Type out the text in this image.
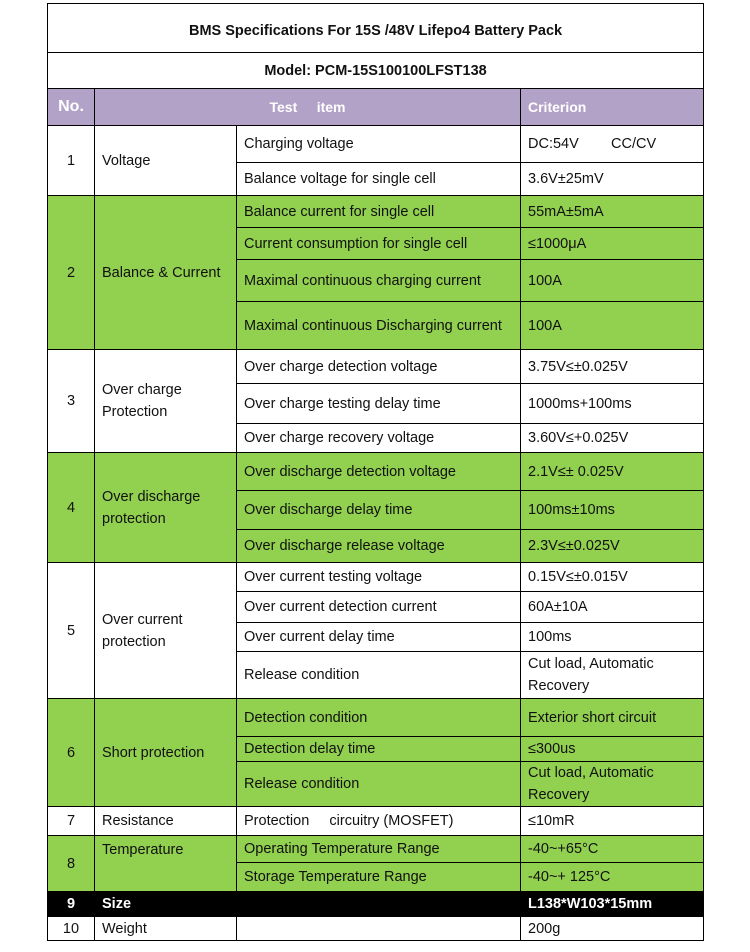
BMS Specifications For 15S /48V Lifepo4 Battery Pack			
Model: PCM-15S100100LFST138			
No.	Test     item		Criterion
1	Voltage	Charging voltage	DC:54V        CC/CV
		Balance voltage for single cell	3.6V±25mV
2	Balance & Current	Balance current for single cell	55mA±5mA
		Current consumption for single cell	≤1000μA
		Maximal continuous charging current	100A
		Maximal continuous Discharging current	100A
3	Over charge Protection	Over charge detection voltage	3.75V≤±0.025V
		Over charge testing delay time	1000ms+100ms
		Over charge recovery voltage	3.60V≤+0.025V
4	Over discharge protection	Over discharge detection voltage	2.1V≤± 0.025V
		Over discharge delay time	100ms±10ms
		Over discharge release voltage	2.3V≤±0.025V
5	Over current protection	Over current testing voltage	0.15V≤±0.015V
		Over current detection current	60A±10A
		Over current delay time	100ms
		Release condition	Cut load, Automatic Recovery
6	Short protection	Detection condition	Exterior short circuit
		Detection delay time	≤300us
		Release condition	Cut load, Automatic Recovery
7	Resistance	Protection     circuitry (MOSFET)	≤10mR
8	Temperature	Operating Temperature Range	-40~+65°C
		Storage Temperature Range	-40~+ 125°C
9	Size		L138*W103*15mm
10	Weight		200g
